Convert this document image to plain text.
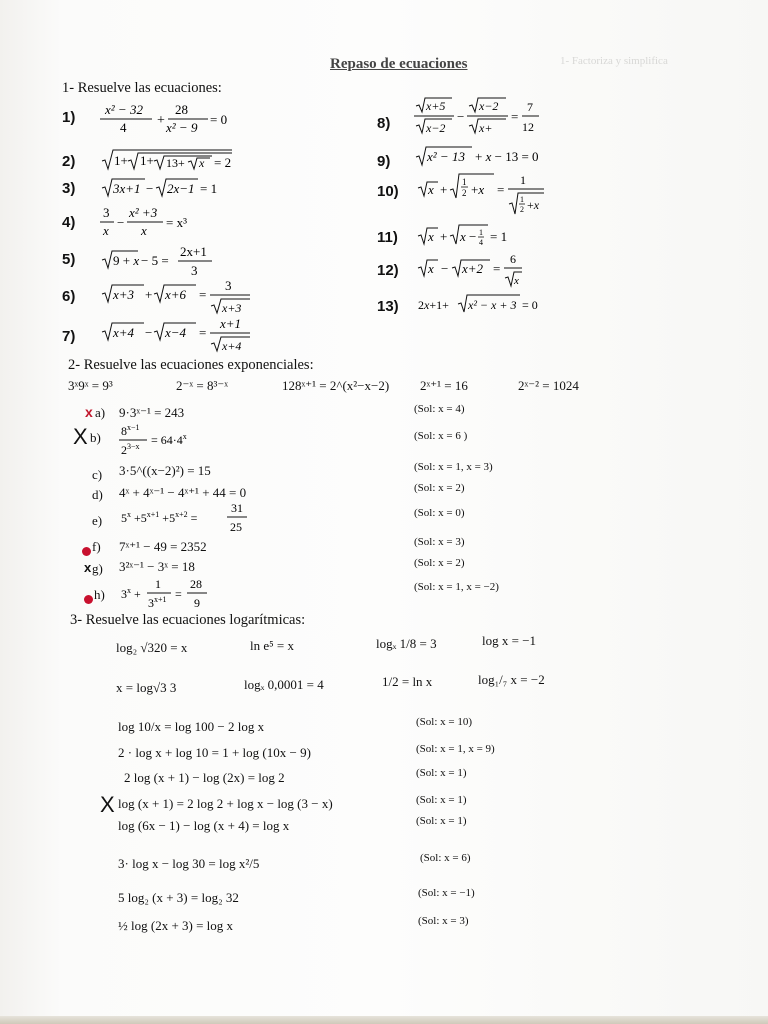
1- Factoriza y simplifica
Repaso de ecuaciones
1- Resuelve las ecuaciones:
1) x² − 32
4 +
28
x² − 9
= 0
2)	1+ 1+ 13+ x = 2
3)	3x+1 − 2x−1 = 1
4)
3
x
−
x² +3
x
= x³
5)	9 + x − 5 =
2x+1
3
6)	x+3 + x+6 =
3
x+3
7)	x+4 − x−4 =
x+1
x+4
8)
x+5
x−2
−
x−2
x+
=
7
12
9)	x² − 13 + x − 13 = 0
10) x + 1
2 +x =
1
1
2 +x
11) x + x − 1
4 = 1
12) x − x+2 =
6
x
13) 2x+1+ x² − x + 3 = 0
2- Resuelve las ecuaciones exponenciales:
3ˣ9ˣ = 9³	2⁻ˣ = 8³⁻ˣ	128ˣ⁺¹ = 2^(x²−x−2) 2ˣ⁺¹ = 16	2ˣ⁻² = 1024
x a) 9·3ˣ⁻¹ = 243	(Sol: x = 4)
X b) $8^{x-1}$
$2^{3-x} = 64\cdot 4^x$	(Sol: x = 6 )
c) 3·5^((x−2)²) = 15	(Sol: x = 1, x = 3)
d) 4ˣ + 4ˣ⁻¹ − 4ˣ⁺¹ + 44 = 0	(Sol: x = 2)
e) $5^x +5^{x+1} +5^{x+2}$ =
31
25
(Sol: x = 0)
f) 7ˣ⁺¹ − 49 = 2352	(Sol: x = 3)
x g) 3²ˣ⁻¹ − 3ˣ = 18	(Sol: x = 2)
h) $3^x$ +
1
$3^{x+1}$ =
28
9
(Sol: x = 1, x = −2)
3- Resuelve las ecuaciones logarítmicas:
log₂ √320 = x	ln e⁵ = x	logₓ 1/8 = 3	log x = −1
x = log√3 3	logₓ 0,0001 = 4	1/2 = ln x	log₁/₇ x = −2
log 10/x = log 100 − 2 log x	(Sol: x = 10)
2 · log x + log 10 = 1 + log (10x − 9)	(Sol: x = 1, x = 9)
2 log (x + 1) − log (2x) = log 2	(Sol: x = 1)
X log (x + 1) = 2 log 2 + log x − log (3 − x)	(Sol: x = 1)
log (6x − 1) − log (x + 4) = log x	(Sol: x = 1)
3· log x − log 30 = log x²/5	(Sol: x = 6)
5 log₂ (x + 3) = log₂ 32	(Sol: x = −1)
½ log (2x + 3) = log x	(Sol: x = 3)
